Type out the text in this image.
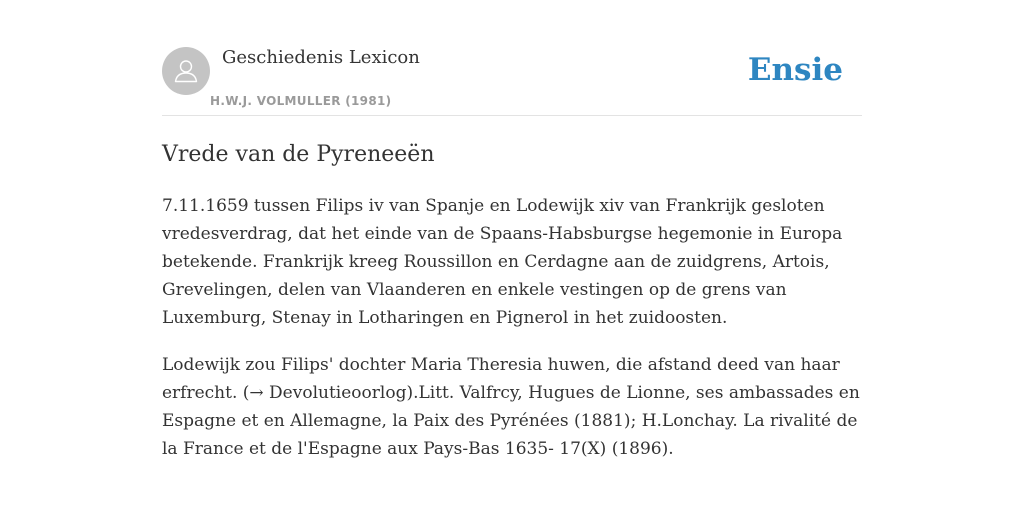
Geschiedenis Lexicon
H.W.J. VOLMULLER (1981)
Ensie
Vrede van de Pyreneeën
7.11.1659 tussen Filips iv van Spanje en Lodewijk xiv van Frankrijk gesloten
vredesverdrag, dat het einde van de Spaans-Habsburgse hegemonie in Europa
betekende. Frankrijk kreeg Roussillon en Cerdagne aan de zuidgrens, Artois,
Grevelingen, delen van Vlaanderen en enkele vestingen op de grens van
Luxemburg, Stenay in Lotharingen en Pignerol in het zuidoosten.
Lodewijk zou Filips' dochter Maria Theresia huwen, die afstand deed van haar
erfrecht. (→ Devolutieoorlog).Litt. Valfrcy, Hugues de Lionne, ses ambassades en
Espagne et en Allemagne, la Paix des Pyrénées (1881); H.Lonchay. La rivalité de
la France et de l'Espagne aux Pays-Bas 1635- 17(X) (1896).
